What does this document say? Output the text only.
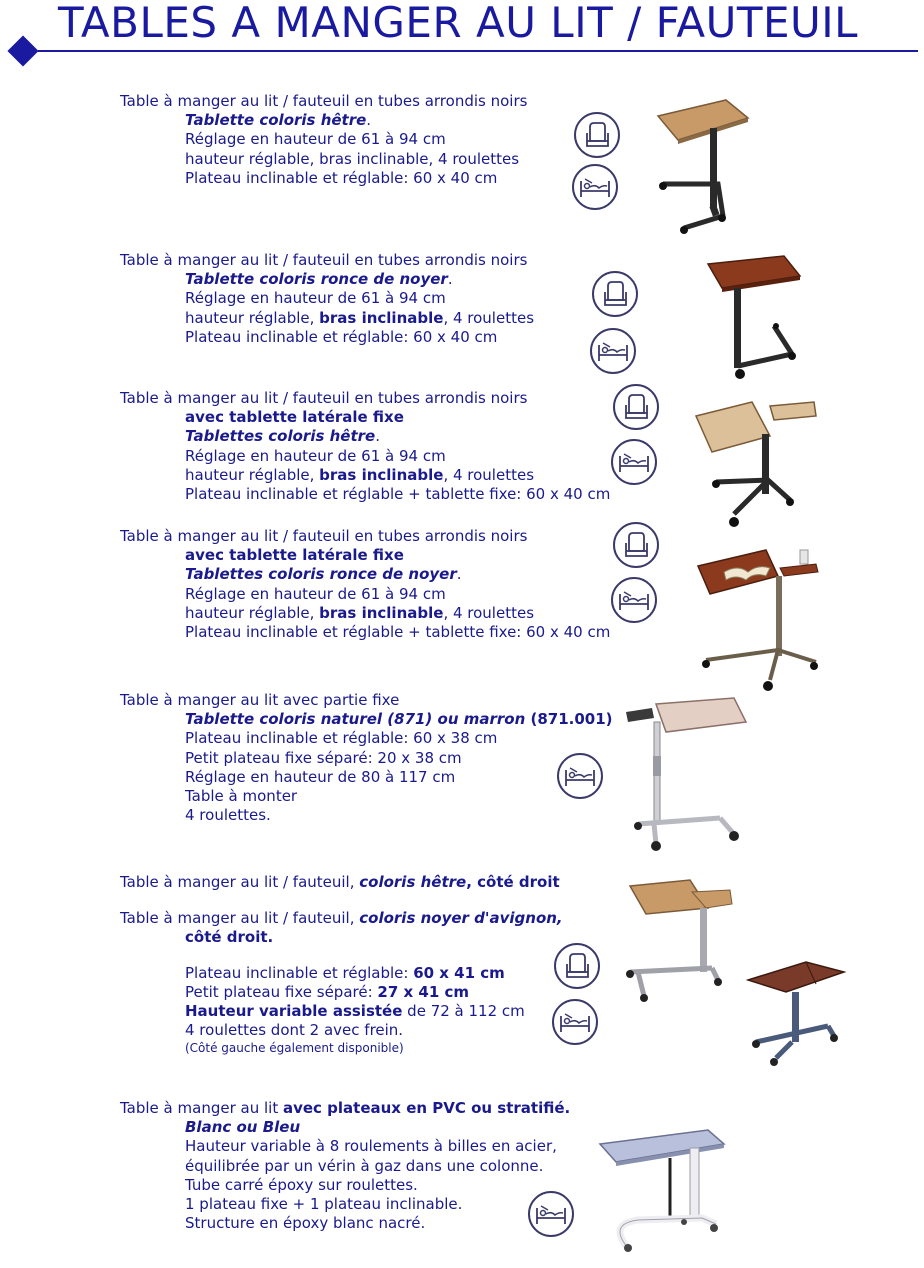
TABLES A MANGER AU LIT / FAUTEUIL
Table à manger au lit / fauteuil en tubes arrondis noirs
Tablette coloris hêtre.
Réglage en hauteur de 61 à 94 cm
hauteur réglable, bras inclinable, 4 roulettes
Plateau inclinable et réglable: 60 x 40 cm
Table à manger au lit / fauteuil en tubes arrondis noirs
Tablette coloris ronce de noyer.
Réglage en hauteur de 61 à 94 cm
hauteur réglable, bras inclinable, 4 roulettes
Plateau inclinable et réglable: 60 x 40 cm
Table à manger au lit / fauteuil en tubes arrondis noirs
avec tablette latérale fixe
Tablettes coloris hêtre.
Réglage en hauteur de 61 à 94 cm
hauteur réglable, bras inclinable, 4 roulettes
Plateau inclinable et réglable + tablette fixe: 60 x 40 cm
Table à manger au lit / fauteuil en tubes arrondis noirs
avec tablette latérale fixe
Tablettes coloris ronce de noyer.
Réglage en hauteur de 61 à 94 cm
hauteur réglable, bras inclinable, 4 roulettes
Plateau inclinable et réglable + tablette fixe: 60 x 40 cm
Table à manger au lit avec partie fixe
Tablette coloris naturel (871) ou marron (871.001)
Plateau inclinable et réglable: 60 x 38 cm
Petit plateau fixe séparé: 20 x 38 cm
Réglage en hauteur de 80 à 117 cm
Table à monter
4 roulettes.
Table à manger au lit / fauteuil, coloris hêtre, côté droit
Table à manger au lit / fauteuil, coloris noyer d'avignon,
côté droit.
Plateau inclinable et réglable: 60 x 41 cm
Petit plateau fixe séparé: 27 x 41 cm
Hauteur variable assistée de 72 à 112 cm
4 roulettes dont 2 avec frein.
(Côté gauche également disponible)
Table à manger au lit avec plateaux en PVC ou stratifié.
Blanc ou Bleu
Hauteur variable à 8 roulements à billes en acier,
équilibrée par un vérin à gaz dans une colonne.
Tube carré époxy sur roulettes.
1 plateau fixe + 1 plateau inclinable.
Structure en époxy blanc nacré.
